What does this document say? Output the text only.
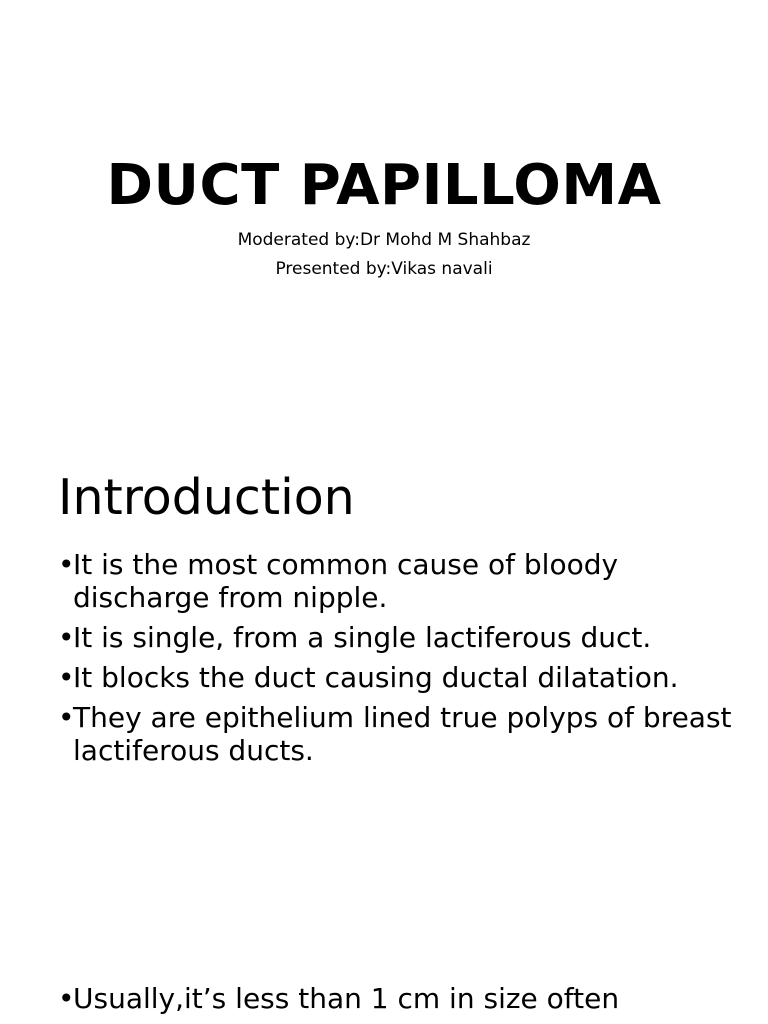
DUCT PAPILLOMA
Moderated by:Dr Mohd M Shahbaz
Presented by:Vikas navali
Introduction
•
It is the most common cause of bloody discharge from nipple.
•
It is single, from a single lactiferous duct.
•
It blocks the duct causing ductal dilatation.
•
They are epithelium lined true polyps of breast lactiferous ducts.
•
Usually,it’s less than 1 cm in size often
